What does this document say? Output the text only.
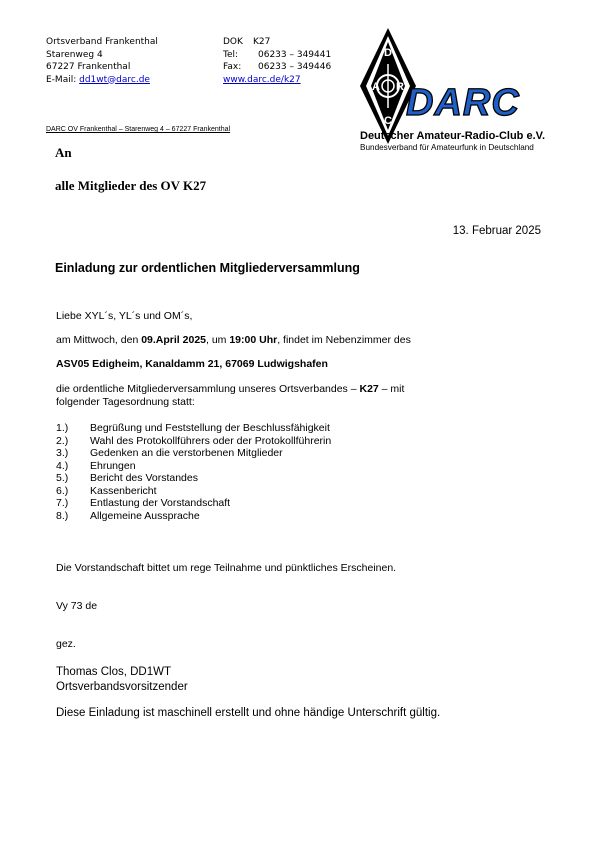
Ortsverband Frankenthal
Starenweg 4
67227 Frankenthal
E-Mail: dd1wt@darc.de
DOK K27
Tel: 06233 – 349441
Fax: 06233 – 349446
www.darc.de/k27
D
A R
C DARC
Deutscher Amateur-Radio-Club e.V.
Bundesverband für Amateurfunk in Deutschland
DARC OV Frankenthal – Starenweg 4 – 67227 Frankenthal
An
alle Mitglieder des OV K27
13. Februar 2025
Einladung zur ordentlichen Mitgliederversammlung
Liebe XYL´s, YL´s und OM´s,
am Mittwoch, den 09.April 2025, um 19:00 Uhr, findet im Nebenzimmer des
ASV05 Edigheim, Kanaldamm 21, 67069 Ludwigshafen
die ordentliche Mitgliederversammlung unseres Ortsverbandes – K27 – mit
folgender Tagesordnung statt:
1.) Begrüßung und Feststellung der Beschlussfähigkeit
2.) Wahl des Protokollführers oder der Protokollführerin
3.) Gedenken an die verstorbenen Mitglieder
4.) Ehrungen
5.) Bericht des Vorstandes
6.) Kassenbericht
7.) Entlastung der Vorstandschaft
8.) Allgemeine Aussprache
Die Vorstandschaft bittet um rege Teilnahme und pünktliches Erscheinen.
Vy 73 de
gez.
Thomas Clos, DD1WT
Ortsverbandsvorsitzender
Diese Einladung ist maschinell erstellt und ohne händige Unterschrift gültig.
